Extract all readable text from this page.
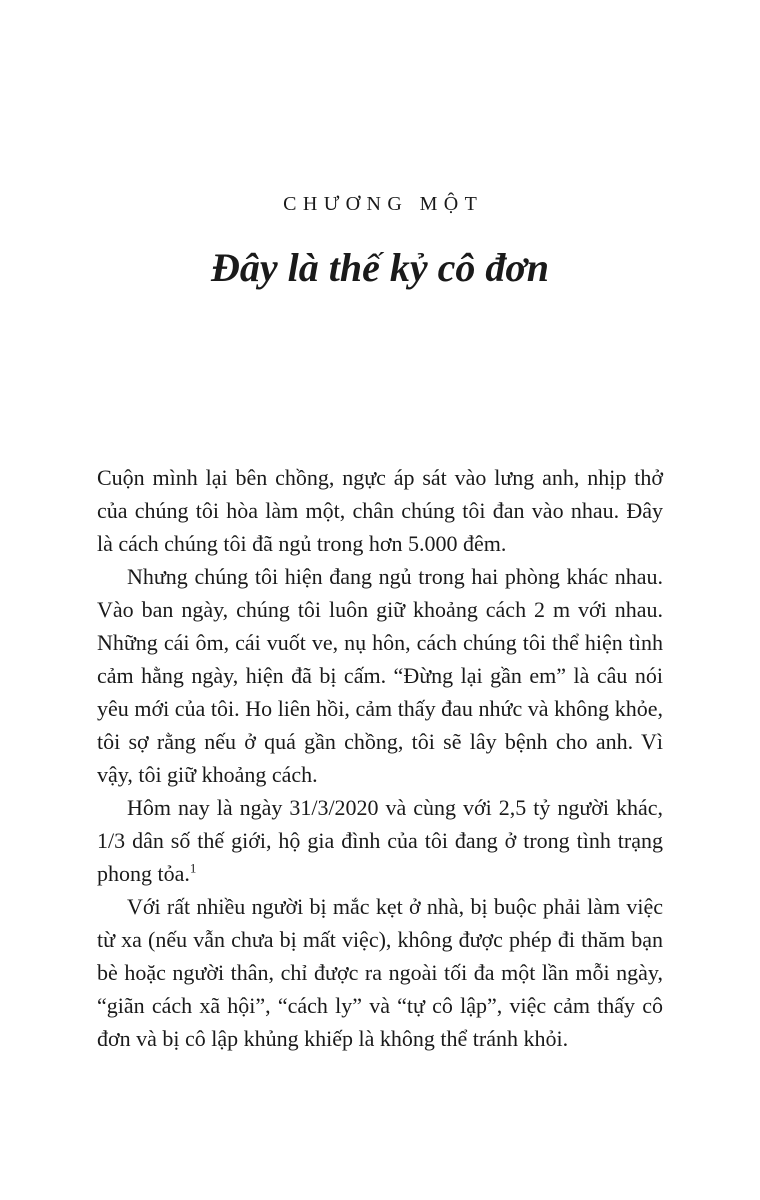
CHƯƠNG MỘT
Đây là thế kỷ cô đơn

Cuộn mình lại bên chồng, ngực áp sát vào lưng anh, nhịp thở của chúng tôi hòa làm một, chân chúng tôi đan vào nhau. Đây là cách chúng tôi đã ngủ trong hơn 5.000 đêm.

Nhưng chúng tôi hiện đang ngủ trong hai phòng khác nhau. Vào ban ngày, chúng tôi luôn giữ khoảng cách 2 m với nhau. Những cái ôm, cái vuốt ve, nụ hôn, cách chúng tôi thể hiện tình cảm hằng ngày, hiện đã bị cấm. “Đừng lại gần em” là câu nói yêu mới của tôi. Ho liên hồi, cảm thấy đau nhức và không khỏe, tôi sợ rằng nếu ở quá gần chồng, tôi sẽ lây bệnh cho anh. Vì vậy, tôi giữ khoảng cách.

Hôm nay là ngày 31/3/2020 và cùng với 2,5 tỷ người khác, 1/3 dân số thế giới, hộ gia đình của tôi đang ở trong tình trạng phong tỏa.$^1$

Với rất nhiều người bị mắc kẹt ở nhà, bị buộc phải làm việc từ xa (nếu vẫn chưa bị mất việc), không được phép đi thăm bạn bè hoặc người thân, chỉ được ra ngoài tối đa một lần mỗi ngày, “giãn cách xã hội”, “cách ly” và “tự cô lập”, việc cảm thấy cô đơn và bị cô lập khủng khiếp là không thể tránh khỏi.
